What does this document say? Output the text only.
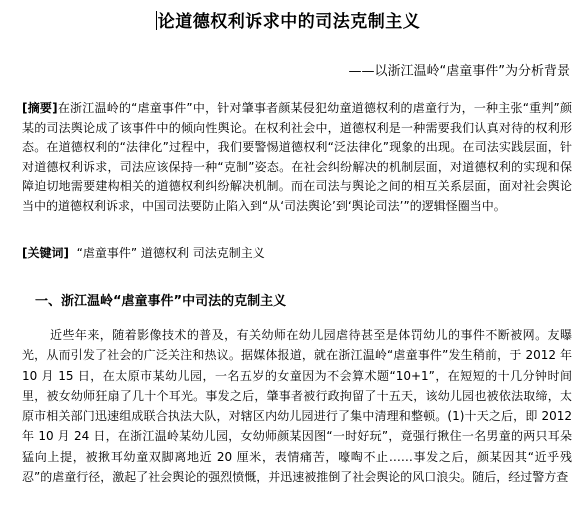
论道德权利诉求中的司法克制主义
——以浙江温岭“虐童事件”为分析背景
[摘要]在浙江温岭的“虐童事件”中，针对肇事者颜某侵犯幼童道德权利的虐童行为，一种主张“重判”颜某的司法舆论成了该事件中的倾向性舆论。在权利社会中，道德权利是一种需要我们认真对待的权利形态。在道德权利的“法律化”过程中，我们要警惕道德权利“泛法律化”现象的出现。在司法实践层面，针对道德权利诉求，司法应该保持一种“克制”姿态。在社会纠纷解决的机制层面，对道德权利的实现和保障迫切地需要建构相关的道德权利纠纷解决机制。而在司法与舆论之间的相互关系层面，面对社会舆论当中的道德权利诉求，中国司法要防止陷入到“从‘司法舆论’到‘舆论司法’”的逻辑怪圈当中。
[关键词] “虐童事件” 道德权利 司法克制主义
一、浙江温岭“虐童事件”中司法的克制主义
近些年来，随着影像技术的普及，有关幼师在幼儿园虐待甚至是体罚幼儿的事件不断被网。友曝光，从而引发了社会的广泛关注和热议。据媒体报道，就在浙江温岭“虐童事件”发生稍前，于 2012 年 10 月 15 日，在太原市某幼儿园，一名五岁的女童因为不会算术题“10+1”，在短短的十几分钟时间里，被女幼师狂扇了几十个耳光。事发之后，肇事者被行政拘留了十五天，该幼儿园也被依法取缔，太原市相关部门迅速组成联合执法大队，对辖区内幼儿园进行了集中清理和整顿。(1)十天之后，即 2012 年 10 月 24 日，在浙江温岭某幼儿园，女幼师颜某因图“一时好玩”，竟强行揪住一名男童的两只耳朵猛向上提，被揪耳幼童双脚离地近 20 厘米，表情痛苦，嚎啕不止……事发之后，颜某因其“近乎残忍”的虐童行径，激起了社会舆论的强烈愤慨，并迅速被推倒了社会舆论的风口浪尖。随后，经过警方查
